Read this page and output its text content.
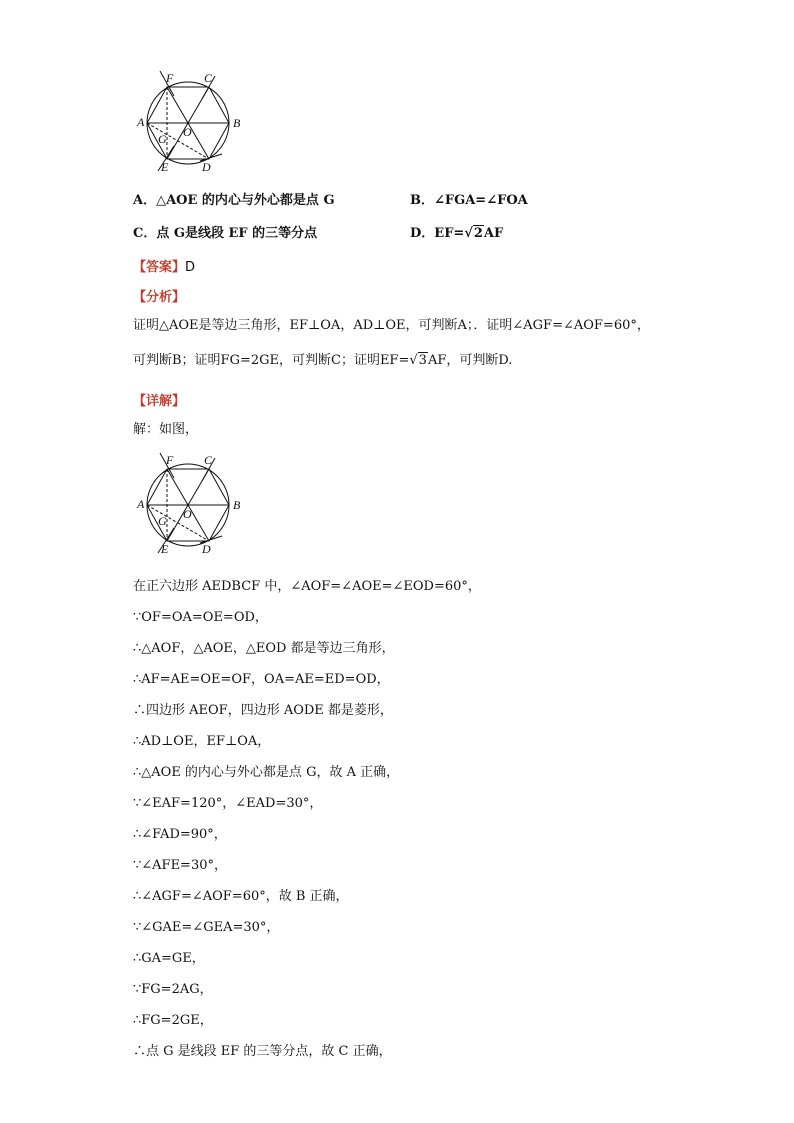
F	C
A	B
O
G
E	D
A．△AOE 的内心与外心都是点 G	B．∠FGA=∠FOA
C．点 G是线段 EF 的三等分点	D．EF=√2AF
【答案】D
【分析】
证明△AOE是等边三角形，EF⊥OA，AD⊥OE，可判断A；．证明∠AGF=∠AOF=60°，
可判断B；证明FG=2GE，可判断C；证明EF=√3AF，可判断D.
【详解】
解：如图，
F	C
A	B
O
G
E	D
在正六边形 AEDBCF 中，∠AOF=∠AOE=∠EOD=60°，
∵OF=OA=OE=OD，
∴△AOF，△AOE，△EOD 都是等边三角形，
∴AF=AE=OE=OF，OA=AE=ED=OD，
∴四边形 AEOF，四边形 AODE 都是菱形，
∴AD⊥OE，EF⊥OA，
∴△AOE 的内心与外心都是点 G，故 A 正确，
∵∠EAF=120°，∠EAD=30°，
∴∠FAD=90°，
∵∠AFE=30°，
∴∠AGF=∠AOF=60°，故 B 正确，
∵∠GAE=∠GEA=30°，
∴GA=GE，
∵FG=2AG，
∴FG=2GE，
∴点 G 是线段 EF 的三等分点，故 C 正确，
